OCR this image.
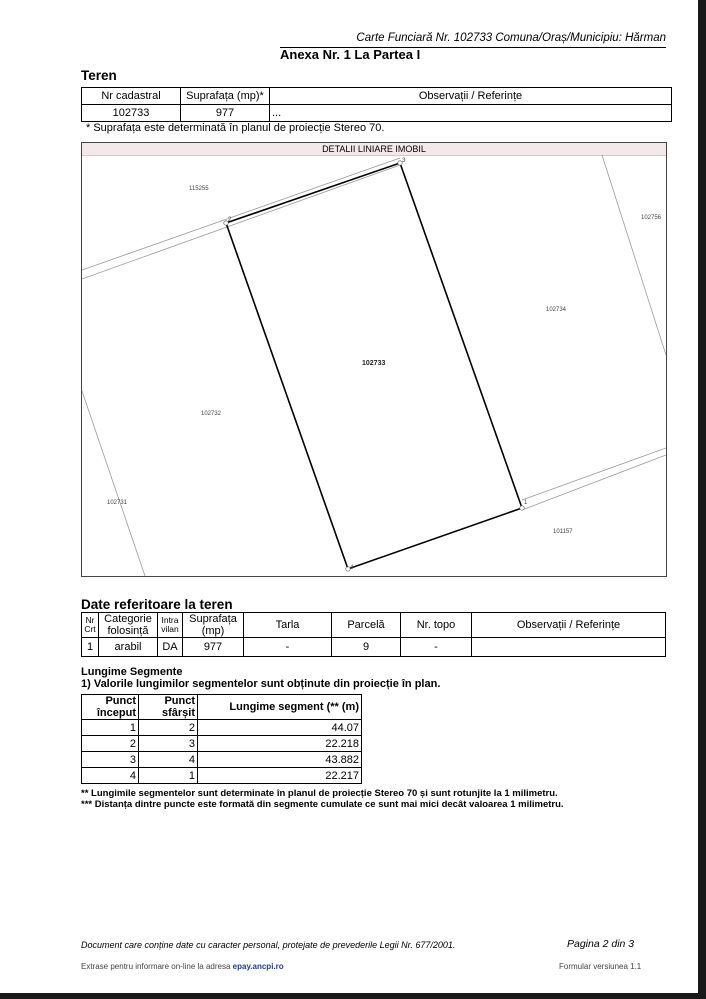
Carte Funciară Nr. 102733 Comuna/Oraș/Municipiu: Hărman
Anexa Nr. 1 La Partea I
Teren
Nr cadastral	Suprafața (mp)*	Observații / Referințe
102733	977	...
* Suprafața este determinată în planul de proiecție Stereo 70.
DETALII LINIARE IMOBIL
1
2
3
4
102733
115255
102756
102734
102732
102731
101157
Date referitoare la teren
Nr Crt	Categorie folosință	Intra vilan	Suprafața (mp)	Tarla	Parcelă	Nr. topo	Observații / Referințe
1	arabil	DA	977	-	9	-	
Lungime Segmente
1) Valorile lungimilor segmentelor sunt obținute din proiecție în plan.
Punct început	Punct sfârșit	Lungime segment (** (m)
1	2	44.07
2	3	22.218
3	4	43.882
4	1	22.217
** Lungimile segmentelor sunt determinate în planul de proiecție Stereo 70 și sunt rotunjite la 1 milimetru.
*** Distanța dintre puncte este formată din segmente cumulate ce sunt mai mici decât valoarea 1 milimetru.
Document care conține date cu caracter personal, protejate de prevederile Legii Nr. 677/2001.	Pagina 2 din 3
Extrase pentru informare on-line la adresa epay.ancpi.ro	Formular versiunea 1.1
